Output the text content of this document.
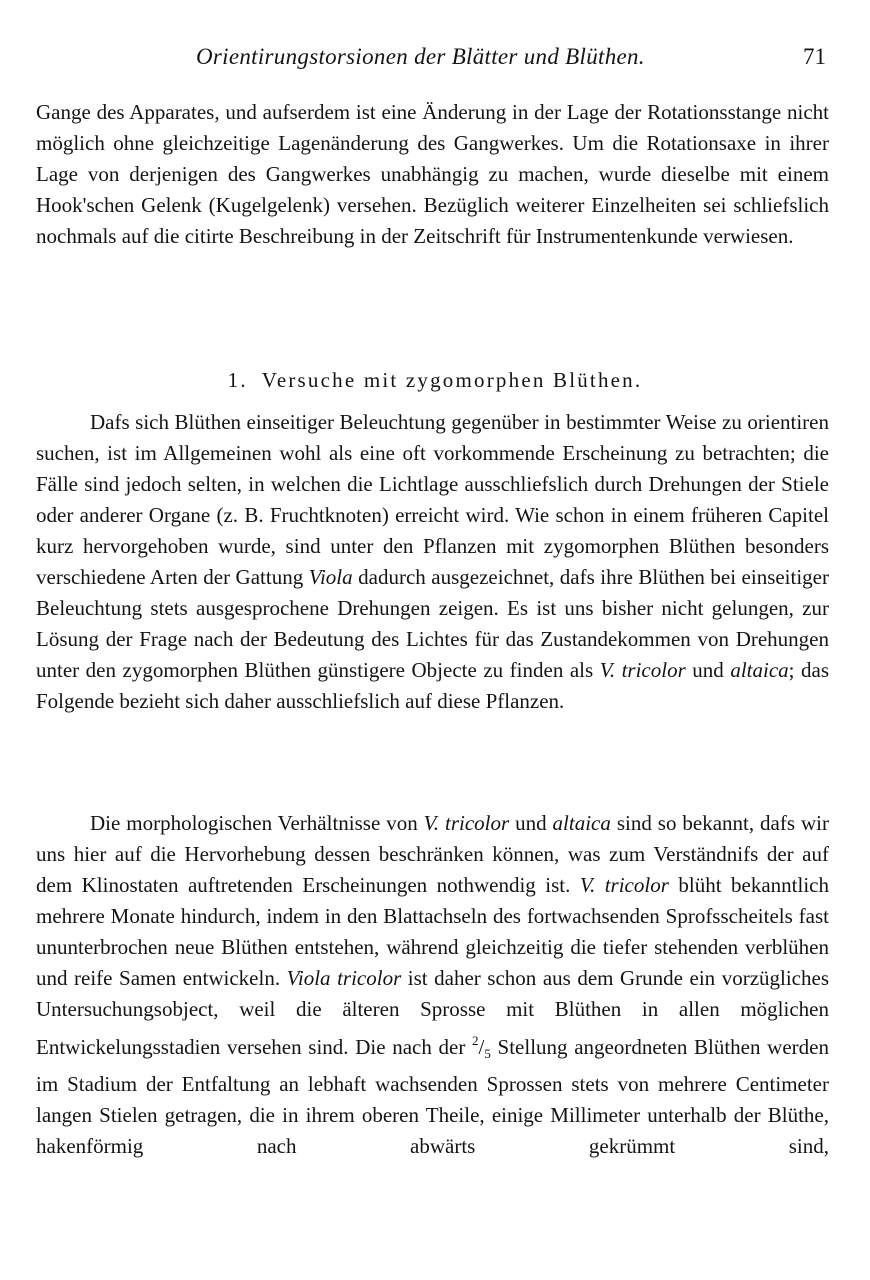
Orientirungstorsionen der Blätter und Blüthen.	71

Gange des Apparates, und aufserdem ist eine Änderung in der Lage der Rotationsstange nicht möglich ohne gleichzeitige Lagenänderung des Gangwerkes. Um die Rotationsaxe in ihrer Lage von derjenigen des Gangwerkes unabhängig zu machen, wurde dieselbe mit einem Hook'schen Gelenk (Kugelgelenk) versehen. Bezüglich weiterer Einzelheiten sei schliefslich nochmals auf die citirte Beschreibung in der Zeitschrift für Instrumentenkunde verwiesen.

1. Versuche mit zygomorphen Blüthen.

Dafs sich Blüthen einseitiger Beleuchtung gegenüber in bestimmter Weise zu orientiren suchen, ist im Allgemeinen wohl als eine oft vorkommende Erscheinung zu betrachten; die Fälle sind jedoch selten, in welchen die Lichtlage ausschliefslich durch Drehungen der Stiele oder anderer Organe (z. B. Fruchtknoten) erreicht wird. Wie schon in einem früheren Capitel kurz hervorgehoben wurde, sind unter den Pflanzen mit zygomorphen Blüthen besonders verschiedene Arten der Gattung Viola dadurch ausgezeichnet, dafs ihre Blüthen bei einseitiger Beleuchtung stets ausgesprochene Drehungen zeigen. Es ist uns bisher nicht gelungen, zur Lösung der Frage nach der Bedeutung des Lichtes für das Zustandekommen von Drehungen unter den zygomorphen Blüthen günstigere Objecte zu finden als V. tricolor und altaica; das Folgende bezieht sich daher ausschliefslich auf diese Pflanzen.

Die morphologischen Verhältnisse von V. tricolor und altaica sind so bekannt, dafs wir uns hier auf die Hervorhebung dessen beschränken können, was zum Verständnifs der auf dem Klinostaten auftretenden Erscheinungen nothwendig ist. V. tricolor blüht bekanntlich mehrere Monate hindurch, indem in den Blattachseln des fortwachsenden Sprofsscheitels fast ununterbrochen neue Blüthen entstehen, während gleichzeitig die tiefer stehenden verblühen und reife Samen entwickeln. Viola tricolor ist daher schon aus dem Grunde ein vorzügliches Untersuchungsobject, weil die älteren Sprosse mit Blüthen in allen möglichen Entwickelungsstadien versehen sind. Die nach der $^2/_5$ Stellung angeordneten Blüthen werden im Stadium der Entfaltung an lebhaft wachsenden Sprossen stets von mehrere Centimeter langen Stielen getragen, die in ihrem oberen Theile, einige Millimeter unterhalb der Blüthe, hakenförmig nach abwärts gekrümmt sind,
